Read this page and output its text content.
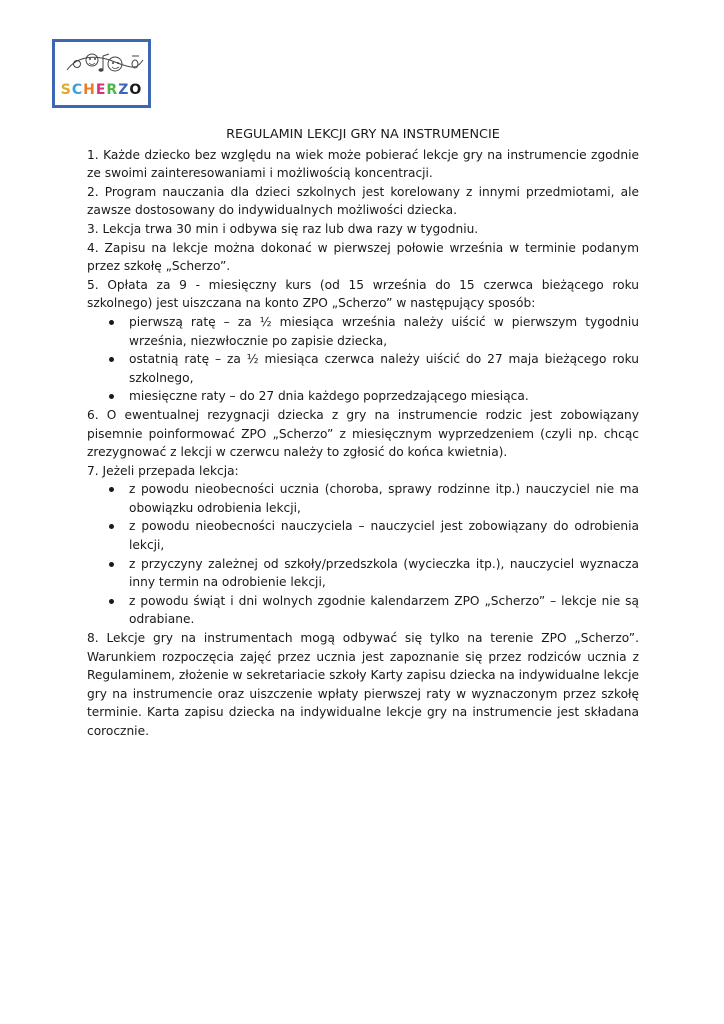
SCHERZO
REGULAMIN LEKCJI GRY NA INSTRUMENCIE

1. Każde dziecko bez względu na wiek może pobierać lekcje gry na instrumencie zgodnie ze swoimi zainteresowaniami i możliwością koncentracji.

2. Program nauczania dla dzieci szkolnych jest korelowany z innymi przedmiotami, ale zawsze dostosowany do indywidualnych możliwości dziecka.

3. Lekcja trwa 30 min i odbywa się raz lub dwa razy w tygodniu.

4. Zapisu na lekcje można dokonać w pierwszej połowie września w terminie podanym przez szkołę „Scherzo”.

5. Opłata za 9 - miesięczny kurs (od 15 września do 15 czerwca bieżącego roku szkolnego) jest uiszczana na konto ZPO „Scherzo” w następujący sposób:

pierwszą ratę – za ½ miesiąca września należy uiścić w pierwszym tygodniu września, niezwłocznie po zapisie dziecka,
ostatnią ratę – za ½ miesiąca czerwca należy uiścić do 27 maja bieżącego roku szkolnego,
miesięczne raty – do 27 dnia każdego poprzedzającego miesiąca.

6. O ewentualnej rezygnacji dziecka z gry na instrumencie rodzic jest zobowiązany pisemnie poinformować ZPO „Scherzo” z miesięcznym wyprzedzeniem (czyli np. chcąc zrezygnować z lekcji w czerwcu należy to zgłosić do końca kwietnia).

7. Jeżeli przepada lekcja:

z powodu nieobecności ucznia (choroba, sprawy rodzinne itp.) nauczyciel nie ma obowiązku odrobienia lekcji,
z powodu nieobecności nauczyciela – nauczyciel jest zobowiązany do odrobienia lekcji,
z przyczyny zależnej od szkoły/przedszkola (wycieczka itp.), nauczyciel wyznacza inny termin na odrobienie lekcji,
z powodu świąt i dni wolnych zgodnie kalendarzem ZPO „Scherzo” – lekcje nie są odrabiane.

8. Lekcje gry na instrumentach mogą odbywać się tylko na terenie ZPO „Scherzo”. Warunkiem rozpoczęcia zajęć przez ucznia jest zapoznanie się przez rodziców ucznia z Regulaminem, złożenie w sekretariacie szkoły Karty zapisu dziecka na indywidualne lekcje gry na instrumencie oraz uiszczenie wpłaty pierwszej raty w wyznaczonym przez szkołę terminie. Karta zapisu dziecka na indywidualne lekcje gry na instrumencie jest składana corocznie.
